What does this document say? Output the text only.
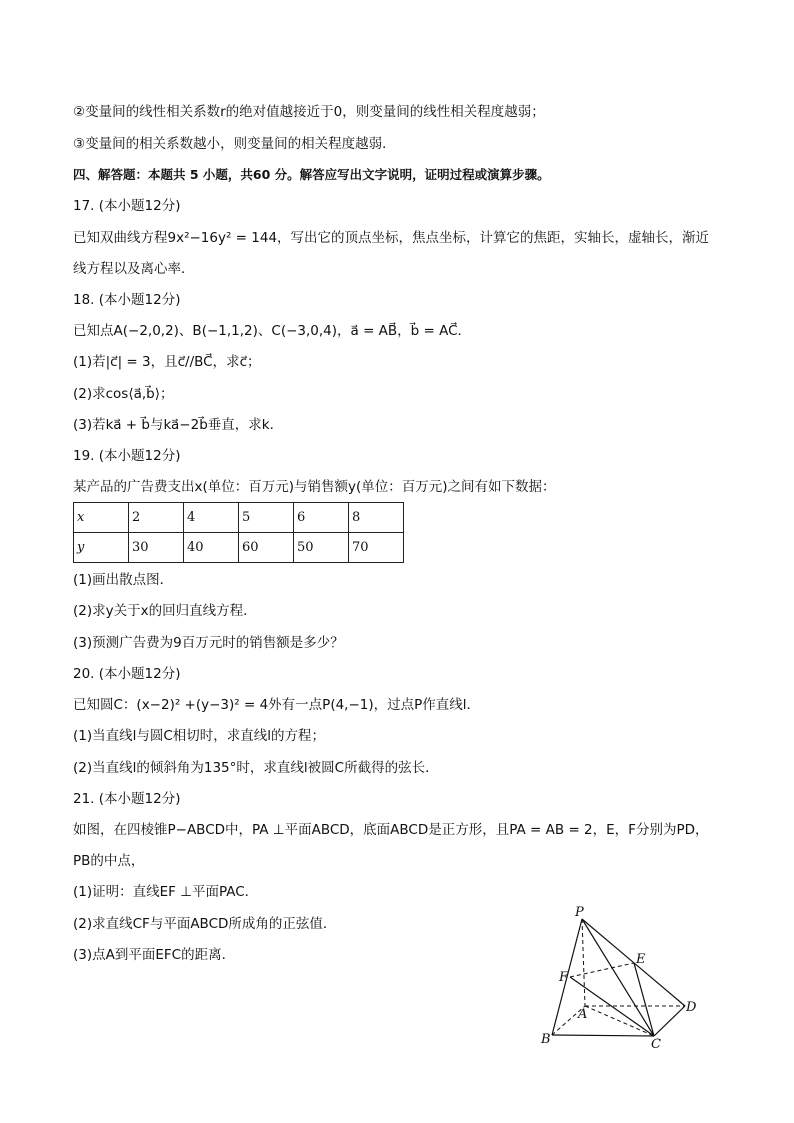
②变量间的线性相关系数r的绝对值越接近于0，则变量间的线性相关程度越弱；
③变量间的相关系数越小，则变量间的相关程度越弱．
四、解答题：本题共 5 小题，共60 分。解答应写出文字说明，证明过程或演算步骤。
17. (本小题12分)
已知双曲线方程9x²−16y² = 144，写出它的顶点坐标，焦点坐标，计算它的焦距，实轴长，虚轴长，渐近
线方程以及离心率．
18. (本小题12分)
已知点A(−2,0,2)、B(−1,1,2)、C(−3,0,4)，a⃗ = AB⃗，b⃗ = AC⃗．
(1)若|c⃗| = 3，且c⃗//BC⃗，求c⃗；
(2)求cos⟨a⃗,b⃗⟩；
(3)若ka⃗ + b⃗与ka⃗−2b⃗垂直，求k．
19. (本小题12分)
某产品的广告费支出x(单位：百万元)与销售额y(单位：百万元)之间有如下数据：
x	2	4	5	6	8
y	30	40	60	50	70
(1)画出散点图．
(2)求y关于x的回归直线方程．
(3)预测广告费为9百万元时的销售额是多少？
20. (本小题12分)
已知圆C：(x−2)² +(y−3)² = 4外有一点P(4,−1)，过点P作直线l．
(1)当直线l与圆C相切时，求直线l的方程；
(2)当直线l的倾斜角为135°时，求直线l被圆C所截得的弦长．
21. (本小题12分)
如图，在四棱锥P−ABCD中，PA ⊥平面ABCD，底面ABCD是正方形，且PA = AB = 2，E，F分别为PD，
PB的中点，
(1)证明：直线EF ⊥平面PAC．
(2)求直线CF与平面ABCD所成角的正弦值．
(3)点A到平面EFC的距离．
P
E
F
A	D
B	C
